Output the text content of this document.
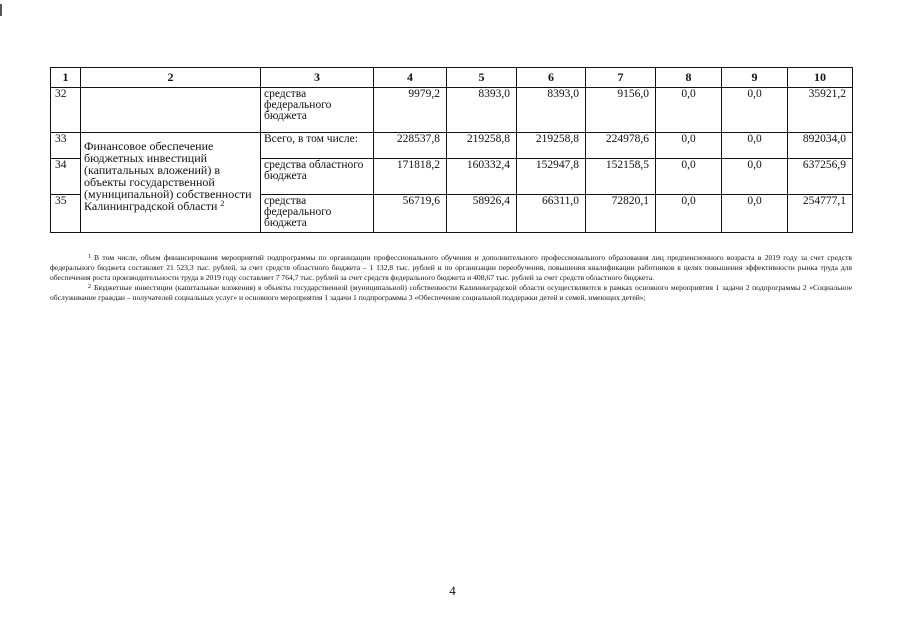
1	2	3	4	5	6	7	8	9	10
32		средства федерального бюджета	9979,2	8393,0	8393,0	9156,0	0,0	0,0	35921,2
33	Финансовое обеспечение бюджетных инвестиций (капитальных вложений) в объекты государственной (муниципальной) собственности Калининградской области $^2$	Всего, в том числе:	228537,8	219258,8	219258,8	224978,6	0,0	0,0	892034,0
34		средства областного бюджета	171818,2	160332,4	152947,8	152158,5	0,0	0,0	637256,9
35		средства федерального бюджета	56719,6	58926,4	66311,0	72820,1	0,0	0,0	254777,1

$^1$ В том числе, объем финансирования мероприятий подпрограммы по организации профессионального обучения и дополнительного профессионального образования лиц предпенсионного возраста в 2019 году за счет средств федерального бюджета составляет 21 523,3 тыс. рублей, за счет средств областного бюджета – 1 132,8 тыс. рублей и по организации переобучения, повышения квалификации работников в целях повышения эффективности рынка труда для обеспечения роста производительности труда в 2019 году составляет 7 764,7 тыс. рублей за счет средств федерального бюджета и 408,67 тыс. рублей за счет средств областного бюджета.

$^2$ Бюджетные инвестиции (капитальные вложения) в объекты государственной (муниципальной) собственности Калининградской области осуществляются в рамках основного мероприятия 1 задачи 2 подпрограммы 2 «Социальное обслуживание граждан – получателей социальных услуг» и основного мероприятия 1 задачи 1 подпрограммы 3 «Обеспечение социальной поддержки детей и семей, имеющих детей»;

4
